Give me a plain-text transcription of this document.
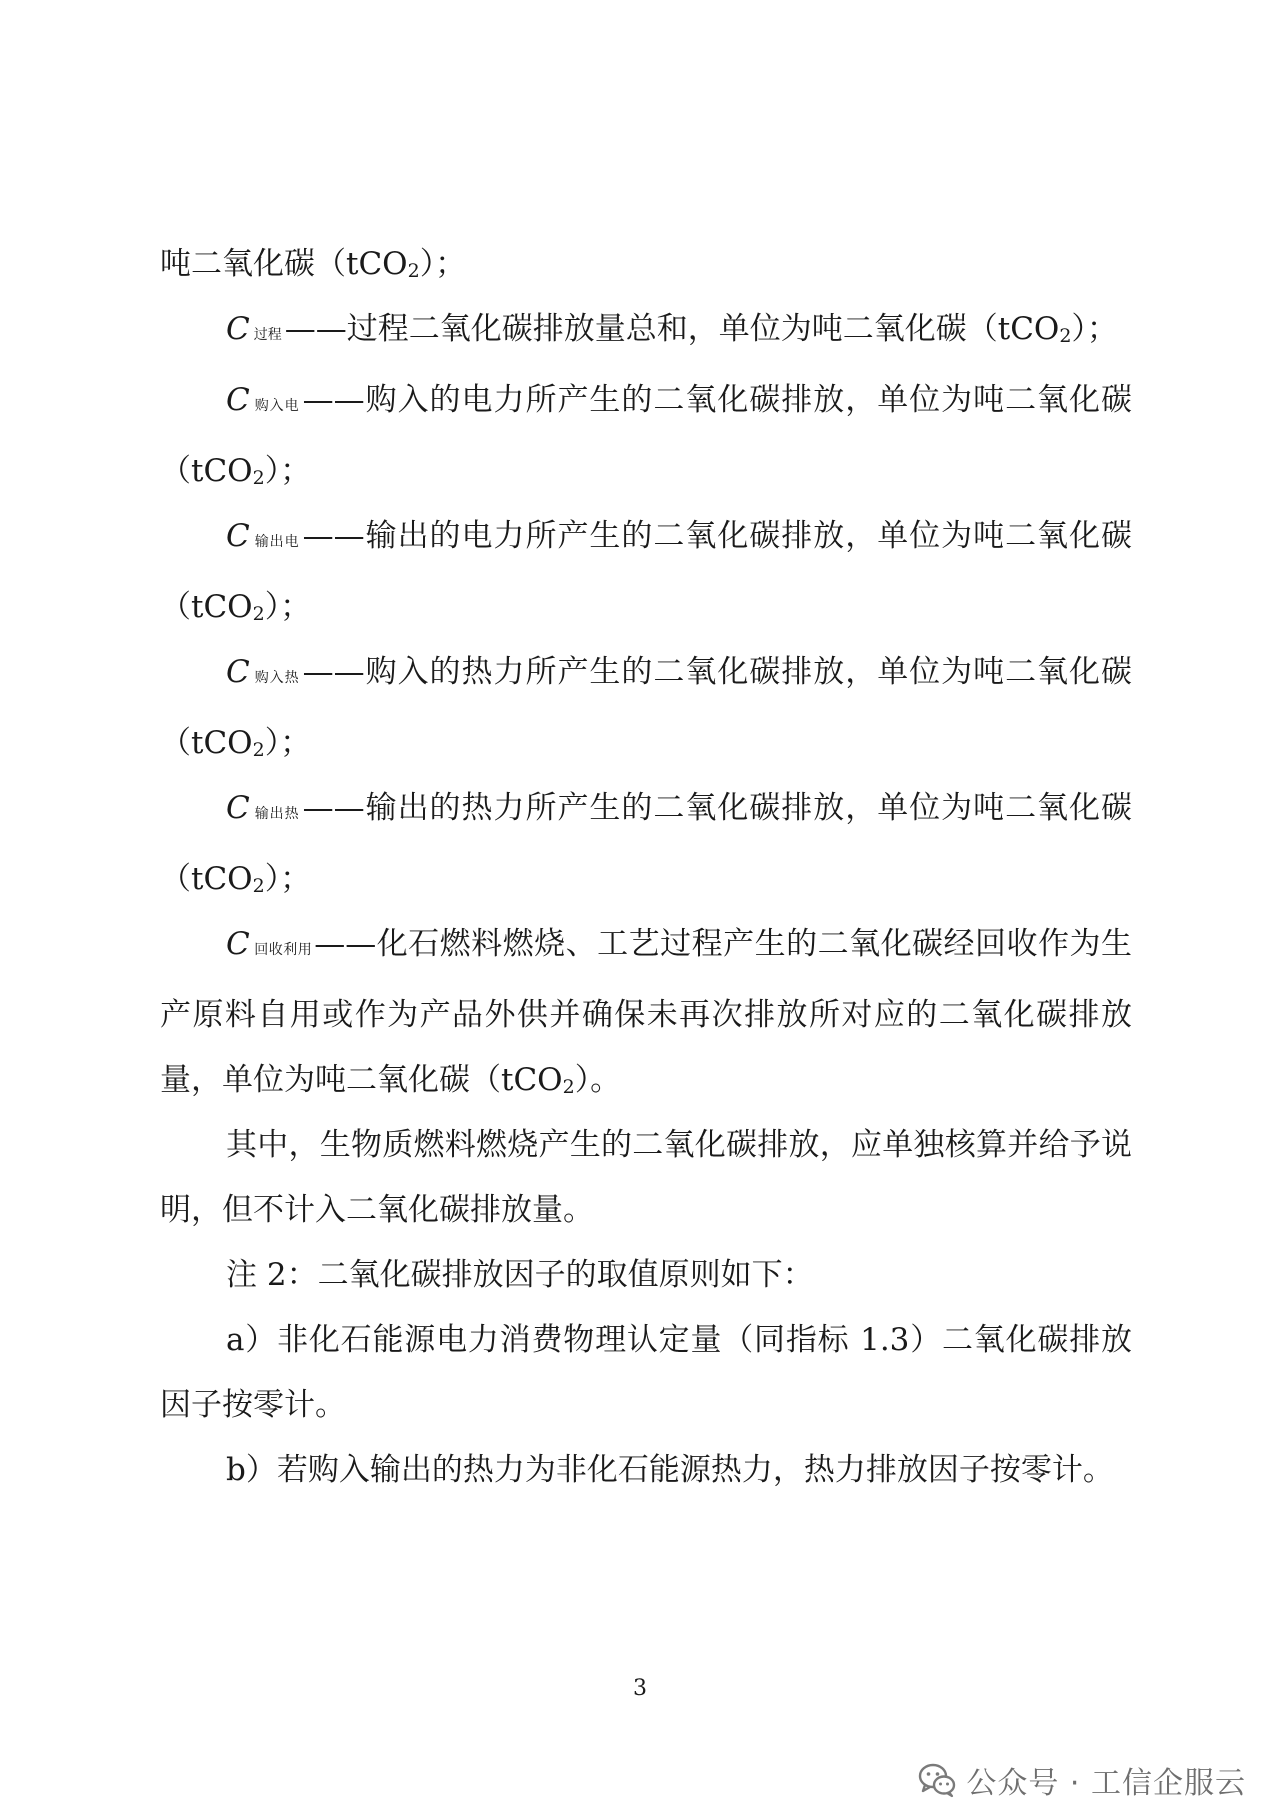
吨二氧化碳（tCO$_2$）；

C过程——过程二氧化碳排放量总和，单位为吨二氧化碳（tCO$_2$）；

C购入电——购入的电力所产生的二氧化碳排放，单位为吨二氧化碳（tCO$_2$）；

C输出电——输出的电力所产生的二氧化碳排放，单位为吨二氧化碳（tCO$_2$）；

C购入热——购入的热力所产生的二氧化碳排放，单位为吨二氧化碳（tCO$_2$）；

C输出热——输出的热力所产生的二氧化碳排放，单位为吨二氧化碳（tCO$_2$）；

C回收利用——化石燃料燃烧、工艺过程产生的二氧化碳经回收作为生产原料自用或作为产品外供并确保未再次排放所对应的二氧化碳排放量，单位为吨二氧化碳（tCO$_2$）。

其中，生物质燃料燃烧产生的二氧化碳排放，应单独核算并给予说明，但不计入二氧化碳排放量。

注 2：二氧化碳排放因子的取值原则如下：

a）非化石能源电力消费物理认定量（同指标 1.3）二氧化碳排放因子按零计。

b）若购入输出的热力为非化石能源热力，热力排放因子按零计。

3
公众号 · 工信企服云
